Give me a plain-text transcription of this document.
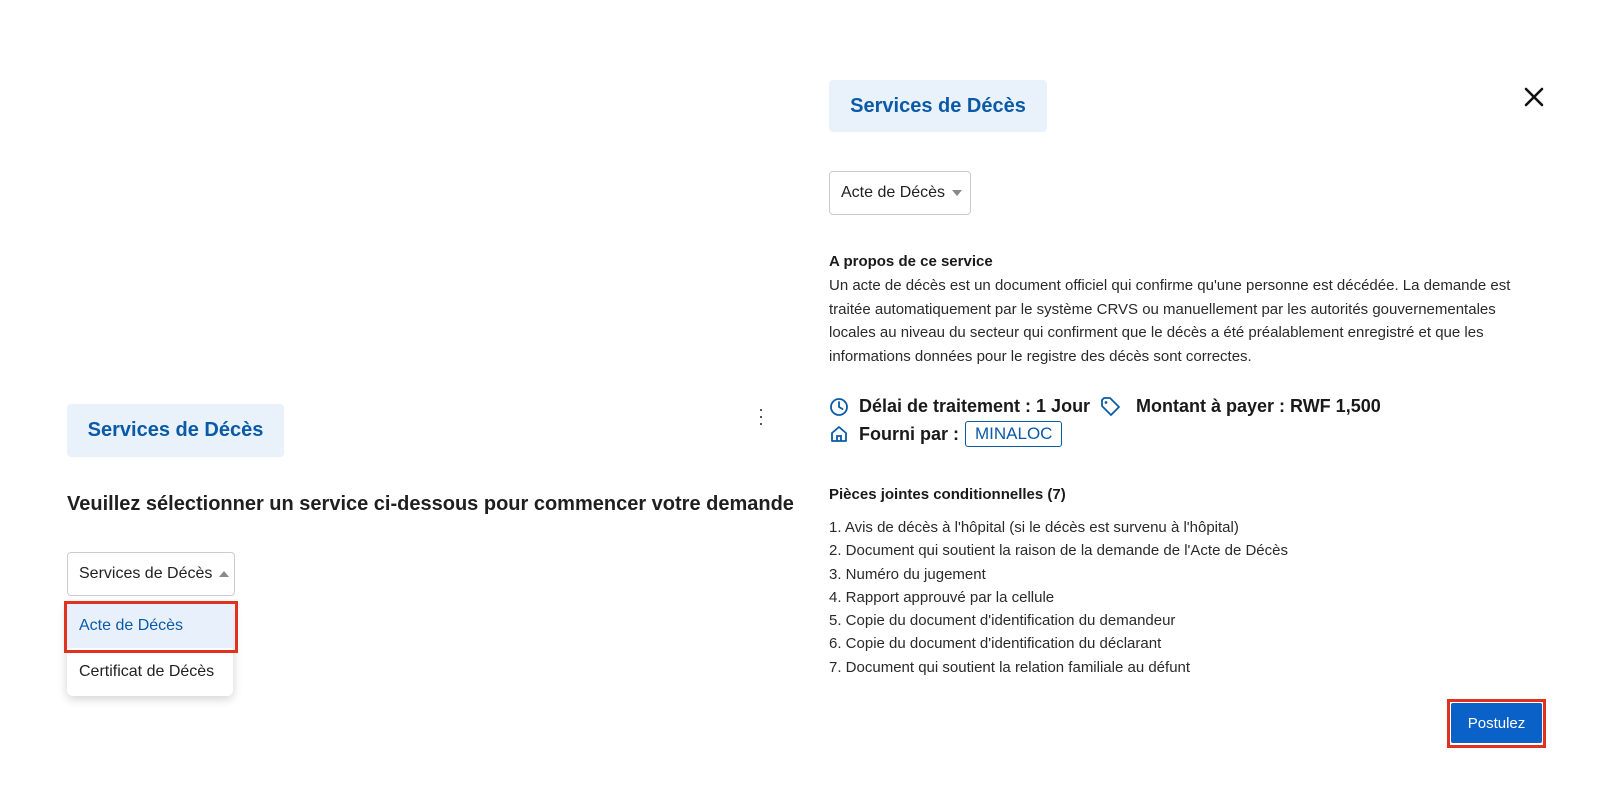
Services de Décès
Veuillez sélectionner un service ci-dessous pour commencer votre demande
Services de Décès
Acte de Décès
Certificat de Décès
Services de Décès
Acte de Décès
A propos de ce service
Un acte de décès est un document officiel qui confirme qu'une personne est décédée. La demande est traitée automatiquement par le système CRVS ou manuellement par les autorités gouvernementales locales au niveau du secteur qui confirment que le décès a été préalablement enregistré et que les informations données pour le registre des décès sont correctes.
Délai de traitement : 1 Jour	Montant à payer : RWF 1,500
Fourni par : MINALOC
Pièces jointes conditionnelles (7)
1. Avis de décès à l'hôpital (si le décès est survenu à l'hôpital)
2. Document qui soutient la raison de la demande de l'Acte de Décès
3. Numéro du jugement
4. Rapport approuvé par la cellule
5. Copie du document d'identification du demandeur
6. Copie du document d'identification du déclarant
7. Document qui soutient la relation familiale au défunt
Postulez
